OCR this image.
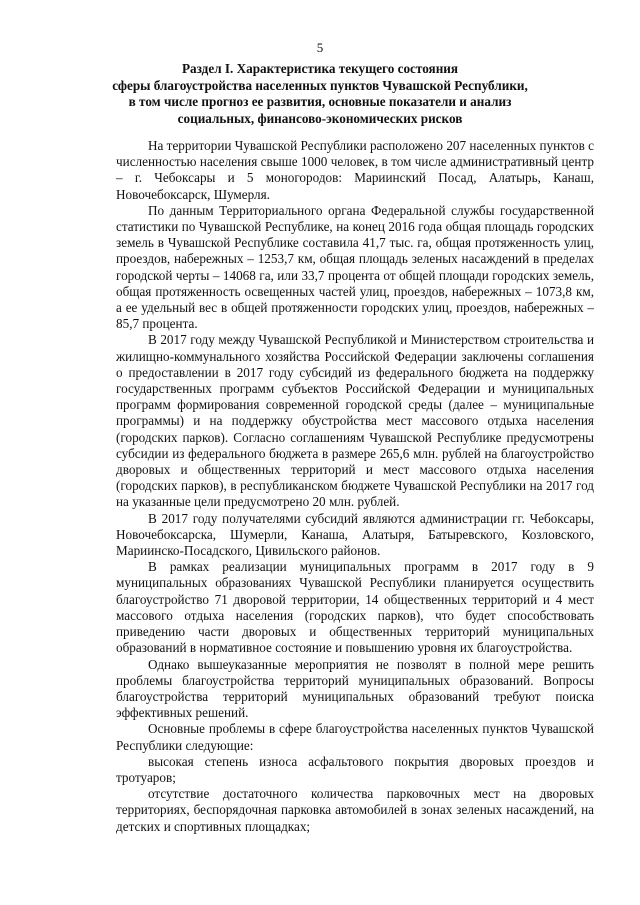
5
Раздел I. Характеристика текущего состояния
сферы благоустройства населенных пунктов Чувашской Республики,
в том числе прогноз ее развития, основные показатели и анализ
социальных, финансово-экономических рисков

На территории Чувашской Республики расположено 207 населенных пунктов с численностью населения свыше 1000 человек, в том числе административный центр – г. Чебоксары и 5 моногородов: Мариинский Посад, Алатырь, Канаш, Новочебоксарск, Шумерля.

По данным Территориального органа Федеральной службы государственной статистики по Чувашской Республике, на конец 2016 года общая площадь городских земель в Чувашской Республике составила 41,7 тыс. га, общая протяженность улиц, проездов, набережных – 1253,7 км, общая площадь зеленых насаждений в пределах городской черты – 14068 га, или 33,7 процента от общей площади городских земель, общая протяженность освещенных частей улиц, проездов, набережных – 1073,8 км, а ее удельный вес в общей протяженности городских улиц, проездов, набережных – 85,7 процента.

В 2017 году между Чувашской Республикой и Министерством строительства и жилищно-коммунального хозяйства Российской Федерации заключены соглашения о предоставлении в 2017 году субсидий из федерального бюджета на поддержку государственных программ субъектов Российской Федерации и муниципальных программ формирования современной городской среды (далее – муниципальные программы) и на поддержку обустройства мест массового отдыха населения (городских парков). Согласно соглашениям Чувашской Республике предусмотрены субсидии из федерального бюджета в размере 265,6 млн. рублей на благоустройство дворовых и общественных территорий и мест массового отдыха населения (городских парков), в республиканском бюджете Чувашской Республики на 2017 год на указанные цели предусмотрено 20 млн. рублей.

В 2017 году получателями субсидий являются администрации гг. Чебоксары, Новочебоксарска, Шумерли, Канаша, Алатыря, Батыревского, Козловского, Мариинско-Посадского, Цивильского районов.

В рамках реализации муниципальных программ в 2017 году в 9 муниципальных образованиях Чувашской Республики планируется осуществить благоустройство 71 дворовой территории, 14 общественных территорий и 4 мест массового отдыха населения (городских парков), что будет способствовать приведению части дворовых и общественных территорий муниципальных образований в нормативное состояние и повышению уровня их благоустройства.

Однако вышеуказанные мероприятия не позволят в полной мере решить проблемы благоустройства территорий муниципальных образований. Вопросы благоустройства территорий муниципальных образований требуют поиска эффективных решений.

Основные проблемы в сфере благоустройства населенных пунктов Чувашской Республики следующие:

высокая степень износа асфальтового покрытия дворовых проездов и тротуаров;

отсутствие достаточного количества парковочных мест на дворовых территориях, беспорядочная парковка автомобилей в зонах зеленых насаждений, на детских и спортивных площадках;
